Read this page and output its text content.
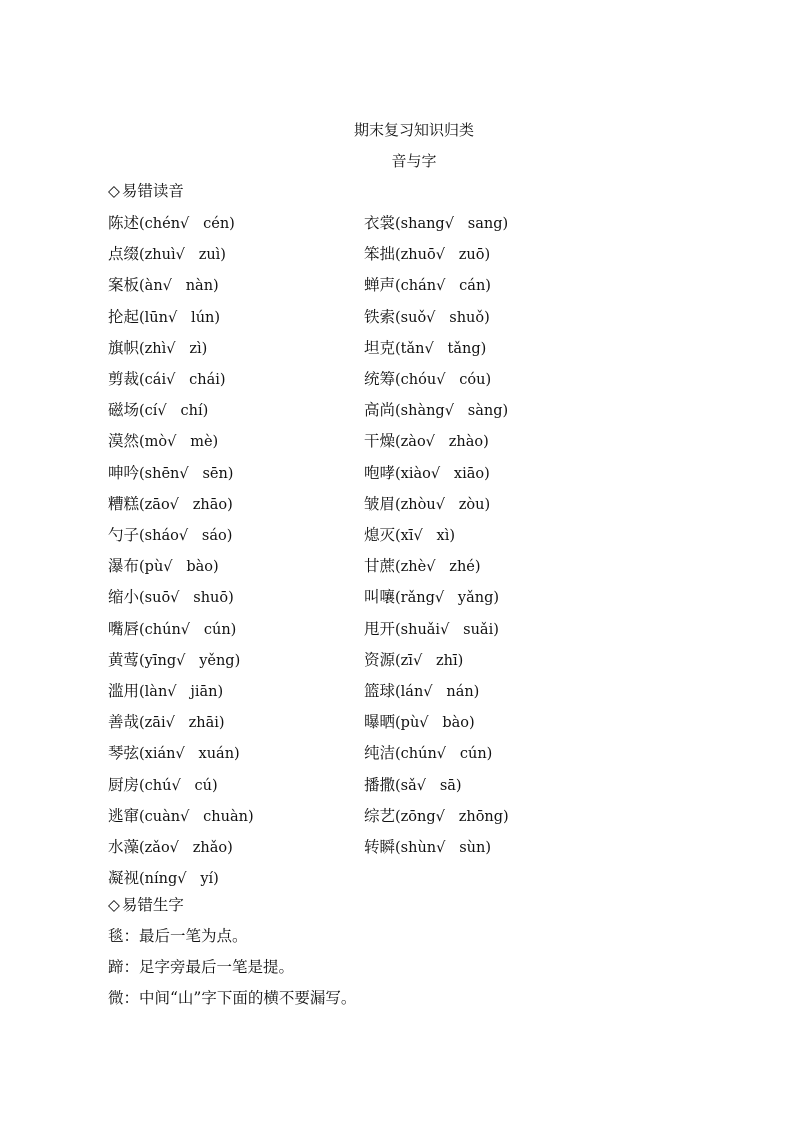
期末复习知识归类
音与字
◇ 易错读音
陈述(chén√   cén)	衣裳(shang√   sang)
点缀(zhuì√   zuì)	笨拙(zhuō√   zuō)
案板(àn√   nàn)	蝉声(chán√   cán)
抡起(lūn√   lún)	铁索(suǒ√   shuǒ)
旗帜(zhì√   zì)	坦克(tǎn√   tǎng)
剪裁(cái√   chái)	统筹(chóu√   cóu)
磁场(cí√   chí)	高尚(shàng√   sàng)
漠然(mò√   mè)	干燥(zào√   zhào)
呻吟(shēn√   sēn)	咆哮(xiào√   xiāo)
糟糕(zāo√   zhāo)	皱眉(zhòu√   zòu)
勺子(sháo√   sáo)	熄灭(xī√   xì)
瀑布(pù√   bào)	甘蔗(zhè√   zhé)
缩小(suō√   shuō)	叫嚷(rǎng√   yǎng)
嘴唇(chún√   cún)	甩开(shuǎi√   suǎi)
黄莺(yīng√   yěng)	资源(zī√   zhī)
滥用(làn√   jiān)	篮球(lán√   nán)
善哉(zāi√   zhāi)	曝晒(pù√   bào)
琴弦(xián√   xuán)	纯洁(chún√   cún)
厨房(chú√   cú)	播撒(sǎ√   sā)
逃窜(cuàn√   chuàn)	综艺(zōng√   zhōng)
水藻(zǎo√   zhǎo)	转瞬(shùn√   sùn)
凝视(níng√   yí)
◇ 易错生字
毯：最后一笔为点。
蹄：足字旁最后一笔是提。
微：中间“山”字下面的横不要漏写。
